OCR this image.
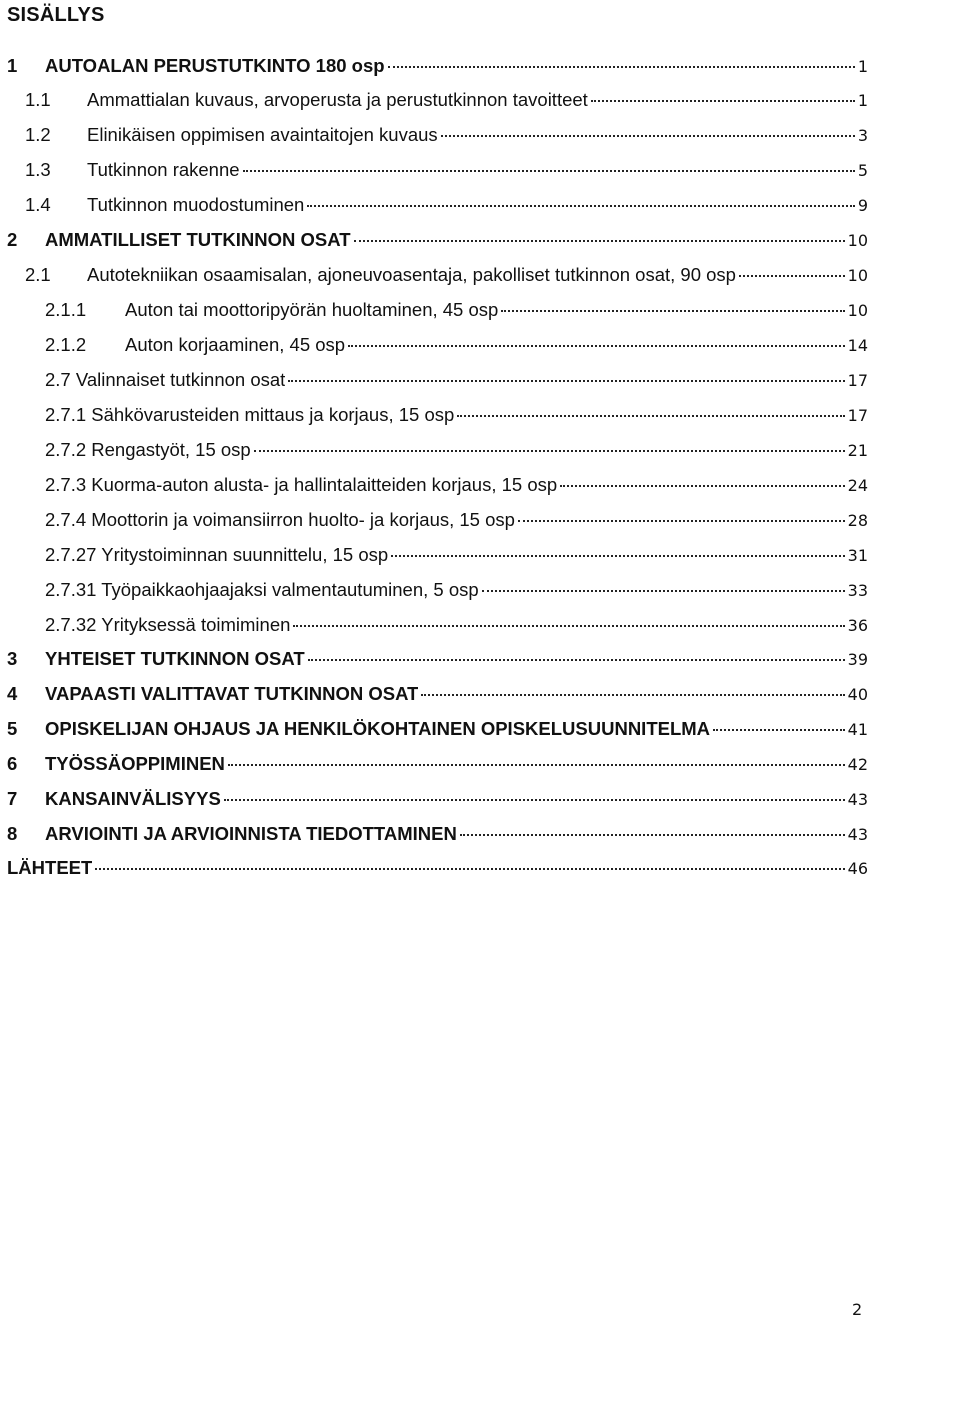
SISÄLLYS
1	AUTOALAN PERUSTUTKINTO 180 osp	1
1.1	Ammattialan kuvaus, arvoperusta ja perustutkinnon tavoitteet	1
1.2	Elinikäisen oppimisen avaintaitojen kuvaus	3
1.3	Tutkinnon rakenne	5
1.4	Tutkinnon muodostuminen	9
2	AMMATILLISET TUTKINNON OSAT	10
2.1	Autotekniikan osaamisalan, ajoneuvoasentaja, pakolliset tutkinnon osat, 90 osp	10
2.1.1	Auton tai moottoripyörän huoltaminen, 45 osp	10
2.1.2	Auton korjaaminen, 45 osp	14
2.7 Valinnaiset tutkinnon osat	17
2.7.1 Sähkövarusteiden mittaus ja korjaus, 15 osp	17
2.7.2 Rengastyöt, 15 osp	21
2.7.3 Kuorma-auton alusta- ja hallintalaitteiden korjaus, 15 osp	24
2.7.4 Moottorin ja voimansiirron huolto- ja korjaus, 15 osp	28
2.7.27 Yritystoiminnan suunnittelu, 15 osp	31
2.7.31 Työpaikkaohjaajaksi valmentautuminen, 5 osp	33
2.7.32 Yrityksessä toimiminen	36
3	YHTEISET TUTKINNON OSAT	39
4	VAPAASTI VALITTAVAT TUTKINNON OSAT	40
5	OPISKELIJAN OHJAUS JA HENKILÖKOHTAINEN OPISKELUSUUNNITELMA	41
6	TYÖSSÄOPPIMINEN	42
7	KANSAINVÄLISYYS	43
8	ARVIOINTI JA ARVIOINNISTA TIEDOTTAMINEN	43
LÄHTEET	46
2
